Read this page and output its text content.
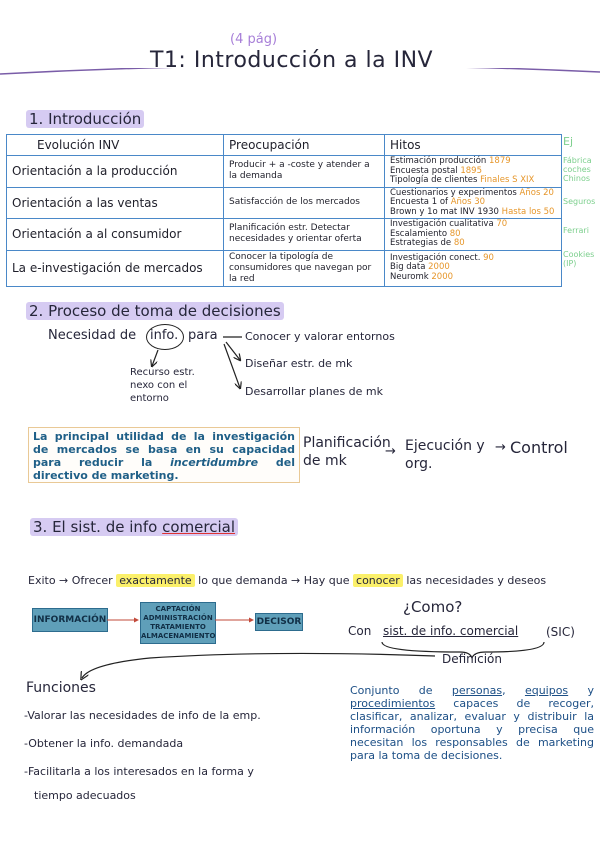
(4 pág)
T1: Introducción a la INV
1. Introducción
Evolución INV	Preocupación	Hitos
Orientación a la producción	Producir + a -coste y atender a la demanda	Estimación producción 1879
Encuesta postal 1895
Tipología de clientes Finales S XIX

Orientación a las ventas	Satisfacción de los mercados	Cuestionarios y experimentos Años 20
Encuesta 1 of Años 30
Brown y 1o mat INV 1930 Hasta los 50

Orientación a al consumidor	Planificación estr. Detectar necesidades y orientar oferta	Investigación cualitativa 70
Escalamiento 80
Estrategias de 80

La e-investigación de mercados	Conocer la tipología de consumidores que navegan por la red	Investigación conect. 90
Big data 2000
Neuromk 2000
Ej
Fábrica coches Chinos
Seguros
Ferrari
Cookies (IP)
2. Proceso de toma de decisiones
Necesidad de info. para Conocer y valorar entornos
Diseñar estr. de mk
Desarrollar planes de mk
Recurso estr. nexo con el entorno
La principal utilidad de la investigación de mercados se basa en su capacidad para reducir la incertidumbre del directivo de marketing.
Planificación de mk
→ Ejecución y org.
→ Control
3. El sist. de info comercial
Exito → Ofrecer exactamente lo que demanda → Hay que conocer las necesidades y deseos
INFORMACIÓN
CAPTACIÓN
ADMINISTRACIÓN
TRATAMIENTO
ALMACENAMIENTO
DECISOR
¿Como?
Con sist. de info. comercial (SIC)
Definición
Conjunto de personas, equipos y procedimientos capaces de recoger, clasificar, analizar, evaluar y distribuir la información oportuna y precisa que necesitan los responsables de marketing para la toma de decisiones.
Funciones
-Valorar las necesidades de info de la emp.
-Obtener la info. demandada
-Facilitarla a los interesados en la forma y
tiempo adecuados
